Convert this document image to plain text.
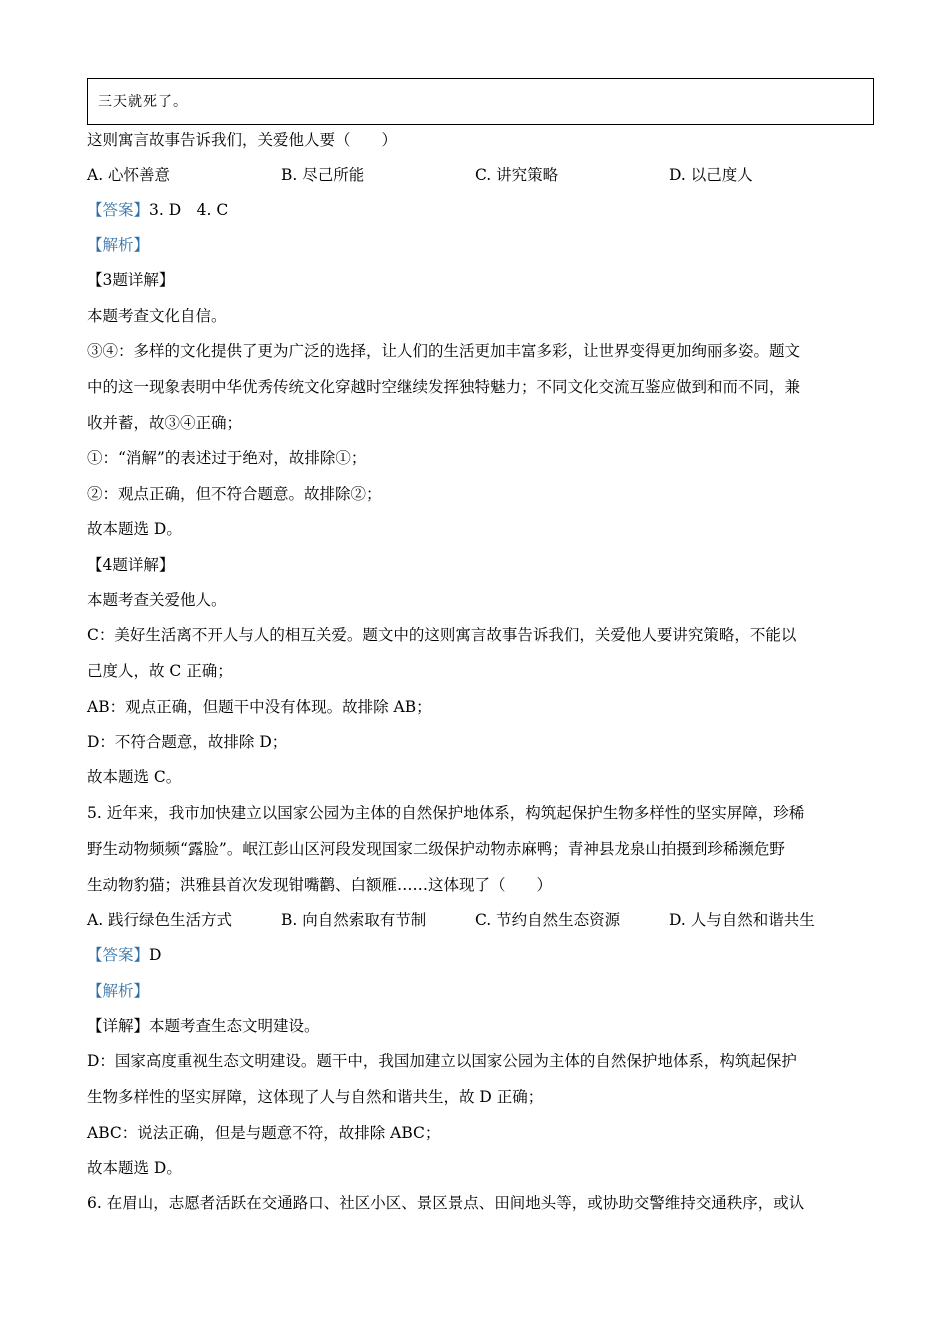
三天就死了。
这则寓言故事告诉我们，关爱他人要（　　）
A. 心怀善意	B. 尽己所能	C. 讲究策略	D. 以己度人
【答案】3. D　4. C
【解析】
【3题详解】
本题考查文化自信。
③④：多样的文化提供了更为广泛的选择，让人们的生活更加丰富多彩，让世界变得更加绚丽多姿。题文
中的这一现象表明中华优秀传统文化穿越时空继续发挥独特魅力；不同文化交流互鉴应做到和而不同，兼
收并蓄，故③④正确；
①：“消解”的表述过于绝对，故排除①；
②：观点正确，但不符合题意。故排除②；
故本题选 D。
【4题详解】
本题考查关爱他人。
C：美好生活离不开人与人的相互关爱。题文中的这则寓言故事告诉我们，关爱他人要讲究策略，不能以
己度人，故 C 正确；
AB：观点正确，但题干中没有体现。故排除 AB；
D：不符合题意，故排除 D；
故本题选 C。
5. 近年来，我市加快建立以国家公园为主体的自然保护地体系，构筑起保护生物多样性的坚实屏障，珍稀
野生动物频频“露脸”。岷江彭山区河段发现国家二级保护动物赤麻鸭；青神县龙泉山拍摄到珍稀濒危野
生动物豹猫；洪雅县首次发现钳嘴鹳、白额雁……这体现了（　　）
A. 践行绿色生活方式	B. 向自然索取有节制	C. 节约自然生态资源	D. 人与自然和谐共生
【答案】D
【解析】
【详解】本题考查生态文明建设。
D：国家高度重视生态文明建设。题干中，我国加建立以国家公园为主体的自然保护地体系，构筑起保护
生物多样性的坚实屏障，这体现了人与自然和谐共生，故 D 正确；
ABC：说法正确，但是与题意不符，故排除 ABC；
故本题选 D。
6. 在眉山，志愿者活跃在交通路口、社区小区、景区景点、田间地头等，或协助交警维持交通秩序，或认
